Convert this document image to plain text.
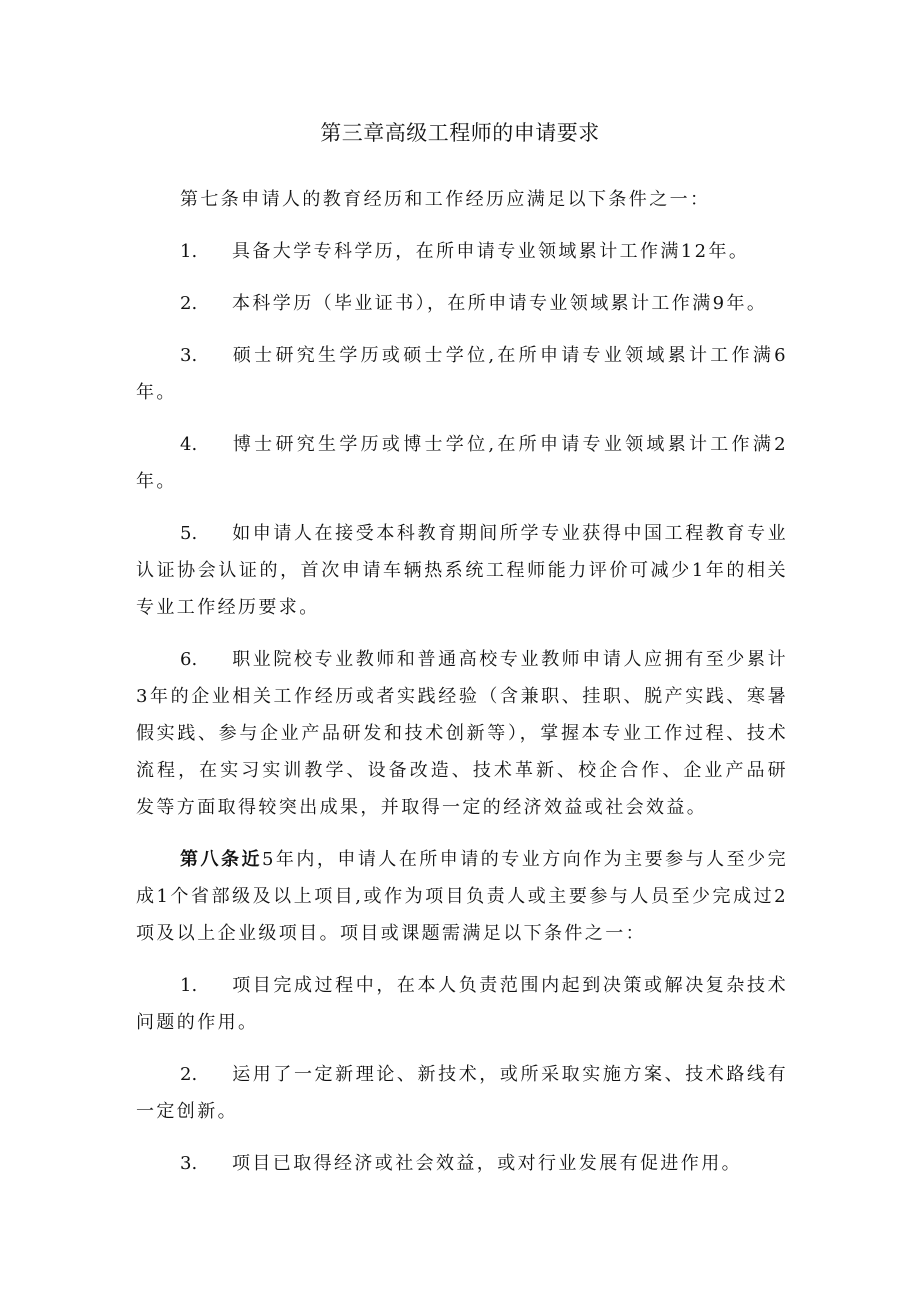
第三章高级工程师的申请要求

第七条申请人的教育经历和工作经历应满足以下条件之一：

1. 具备大学专科学历，在所申请专业领域累计工作满12年。

2. 本科学历（毕业证书），在所申请专业领域累计工作满9年。

3. 硕士研究生学历或硕士学位,在所申请专业领域累计工作满6年。

4. 博士研究生学历或博士学位,在所申请专业领域累计工作满2年。

5. 如申请人在接受本科教育期间所学专业获得中国工程教育专业认证协会认证的，首次申请车辆热系统工程师能力评价可减少1年的相关专业工作经历要求。

6. 职业院校专业教师和普通高校专业教师申请人应拥有至少累计3年的企业相关工作经历或者实践经验（含兼职、挂职、脱产实践、寒暑假实践、参与企业产品研发和技术创新等），掌握本专业工作过程、技术流程，在实习实训教学、设备改造、技术革新、校企合作、企业产品研发等方面取得较突出成果，并取得一定的经济效益或社会效益。

第八条近5年内，申请人在所申请的专业方向作为主要参与人至少完成1个省部级及以上项目,或作为项目负责人或主要参与人员至少完成过2项及以上企业级项目。项目或课题需满足以下条件之一：

1. 项目完成过程中，在本人负责范围内起到决策或解决复杂技术问题的作用。

2. 运用了一定新理论、新技术，或所采取实施方案、技术路线有一定创新。

3. 项目已取得经济或社会效益，或对行业发展有促进作用。
